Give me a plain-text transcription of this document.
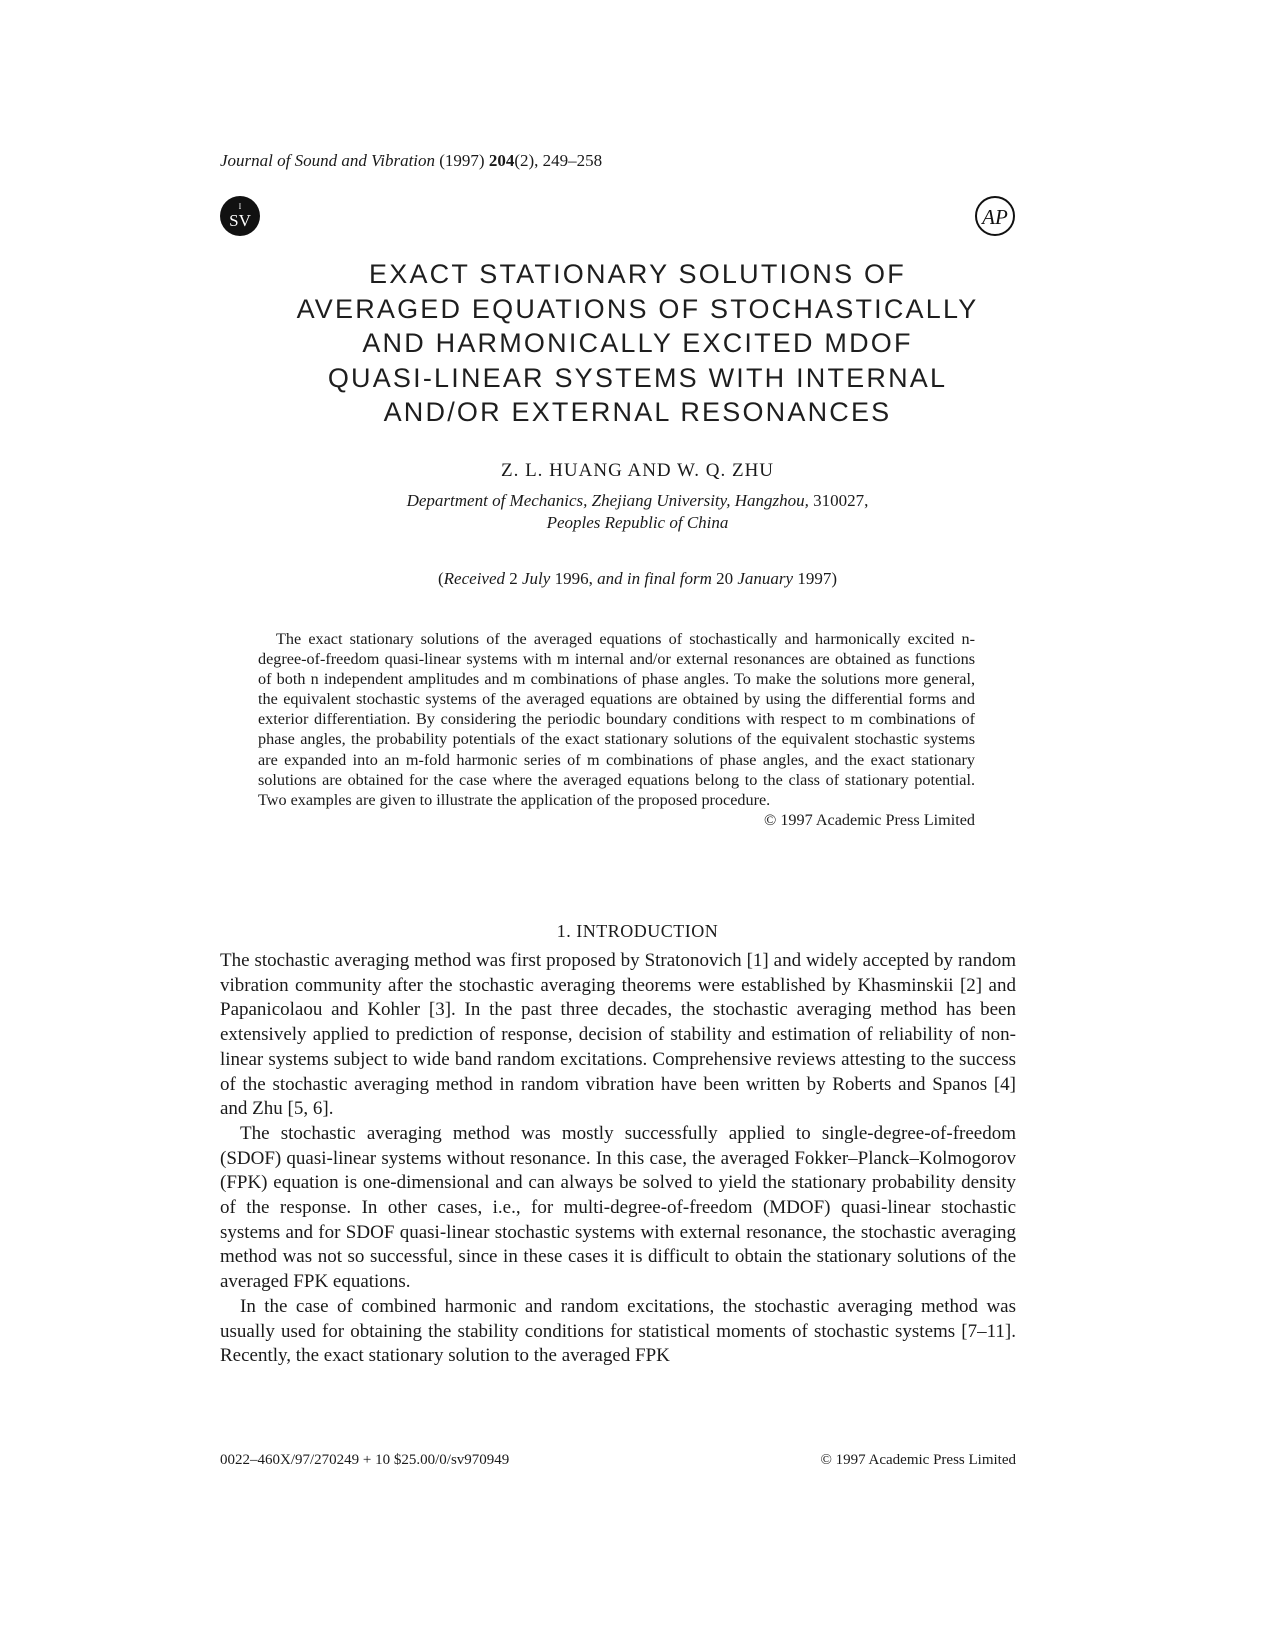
Journal of Sound and Vibration (1997) 204(2), 249–258
I
SV	AP
EXACT STATIONARY SOLUTIONS OF
AVERAGED EQUATIONS OF STOCHASTICALLY
AND HARMONICALLY EXCITED MDOF
QUASI-LINEAR SYSTEMS WITH INTERNAL
AND/OR EXTERNAL RESONANCES
Z. L. HUANG AND W. Q. ZHU
Department of Mechanics, Zhejiang University, Hangzhou, 310027,
Peoples Republic of China
(Received 2 July 1996, and in final form 20 January 1997)

The exact stationary solutions of the averaged equations of stochastically and harmonically excited n-degree-of-freedom quasi-linear systems with m internal and/or external resonances are obtained as functions of both n independent amplitudes and m combinations of phase angles. To make the solutions more general, the equivalent stochastic systems of the averaged equations are obtained by using the differential forms and exterior differentiation. By considering the periodic boundary conditions with respect to m combinations of phase angles, the probability potentials of the exact stationary solutions of the equivalent stochastic systems are expanded into an m-fold harmonic series of m combinations of phase angles, and the exact stationary solutions are obtained for the case where the averaged equations belong to the class of stationary potential. Two examples are given to illustrate the application of the proposed procedure.

© 1997 Academic Press Limited
1. INTRODUCTION

The stochastic averaging method was first proposed by Stratonovich [1] and widely accepted by random vibration community after the stochastic averaging theorems were established by Khasminskii [2] and Papanicolaou and Kohler [3]. In the past three decades, the stochastic averaging method has been extensively applied to prediction of response, decision of stability and estimation of reliability of non-linear systems subject to wide band random excitations. Comprehensive reviews attesting to the success of the stochastic averaging method in random vibration have been written by Roberts and Spanos [4] and Zhu [5, 6].

The stochastic averaging method was mostly successfully applied to single-degree-of-freedom (SDOF) quasi-linear systems without resonance. In this case, the averaged Fokker–Planck–Kolmogorov (FPK) equation is one-dimensional and can always be solved to yield the stationary probability density of the response. In other cases, i.e., for multi-degree-of-freedom (MDOF) quasi-linear stochastic systems and for SDOF quasi-linear stochastic systems with external resonance, the stochastic averaging method was not so successful, since in these cases it is difficult to obtain the stationary solutions of the averaged FPK equations.

In the case of combined harmonic and random excitations, the stochastic averaging method was usually used for obtaining the stability conditions for statistical moments of stochastic systems [7–11]. Recently, the exact stationary solution to the averaged FPK

0022–460X/97/270249 + 10 $25.00/0/sv970949	© 1997 Academic Press Limited
